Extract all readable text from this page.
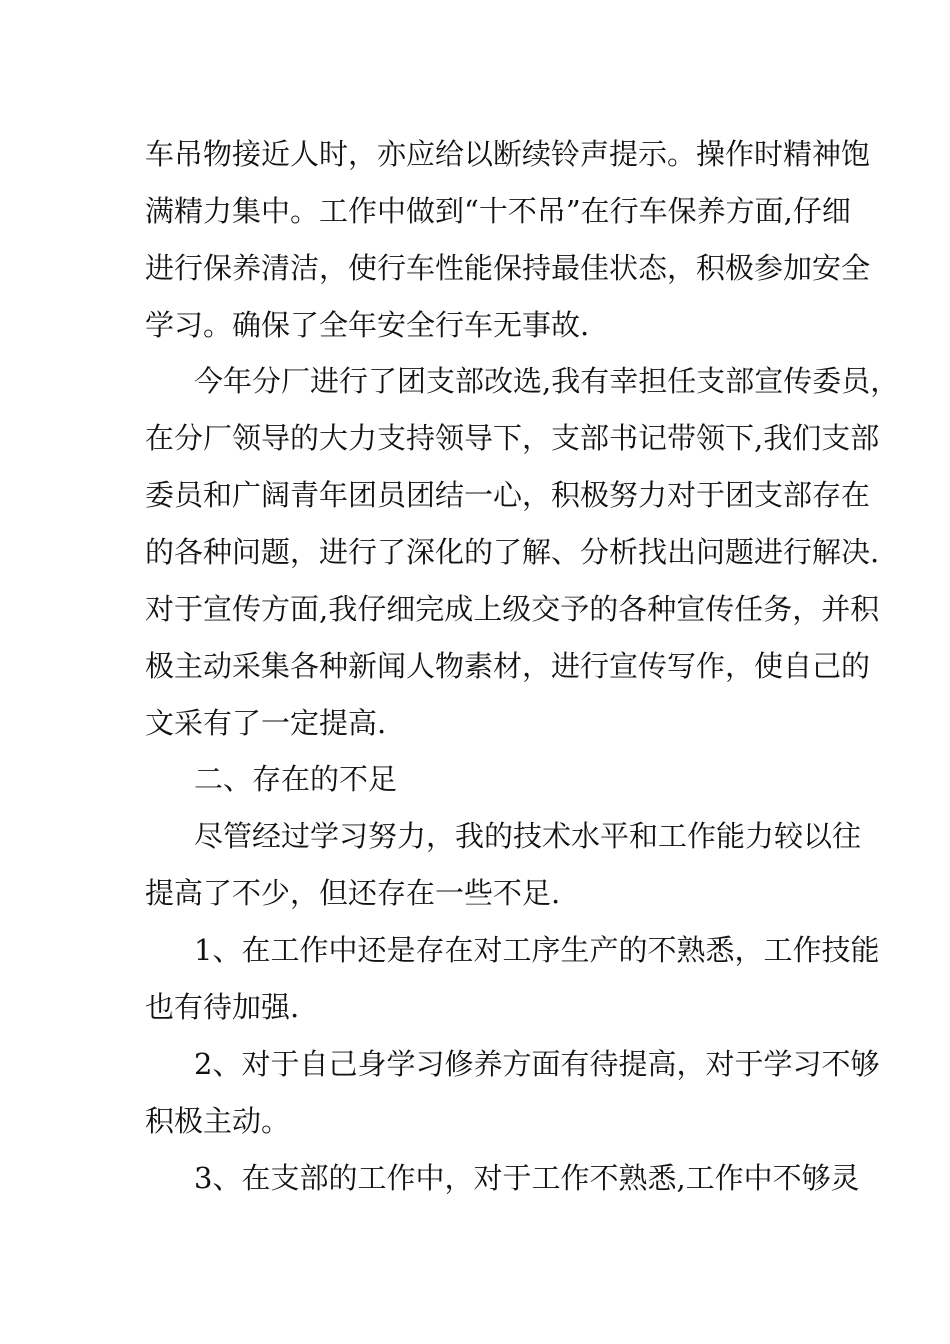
车吊物接近人时，亦应给以断续铃声提示。操作时精神饱
满精力集中。工作中做到“十不吊”在行车保养方面,仔细
进行保养清洁，使行车性能保持最佳状态，积极参加安全
学习。确保了全年安全行车无事故.
今年分厂进行了团支部改选,我有幸担任支部宣传委员，
在分厂领导的大力支持领导下，支部书记带领下,我们支部
委员和广阔青年团员团结一心，积极努力对于团支部存在
的各种问题，进行了深化的了解、分析找出问题进行解决.
对于宣传方面,我仔细完成上级交予的各种宣传任务，并积
极主动采集各种新闻人物素材，进行宣传写作，使自己的
文采有了一定提高.
二、存在的不足
尽管经过学习努力，我的技术水平和工作能力较以往
提高了不少，但还存在一些不足.
1、在工作中还是存在对工序生产的不熟悉，工作技能
也有待加强.
2、对于自己身学习修养方面有待提高，对于学习不够
积极主动。
3、在支部的工作中，对于工作不熟悉,工作中不够灵
